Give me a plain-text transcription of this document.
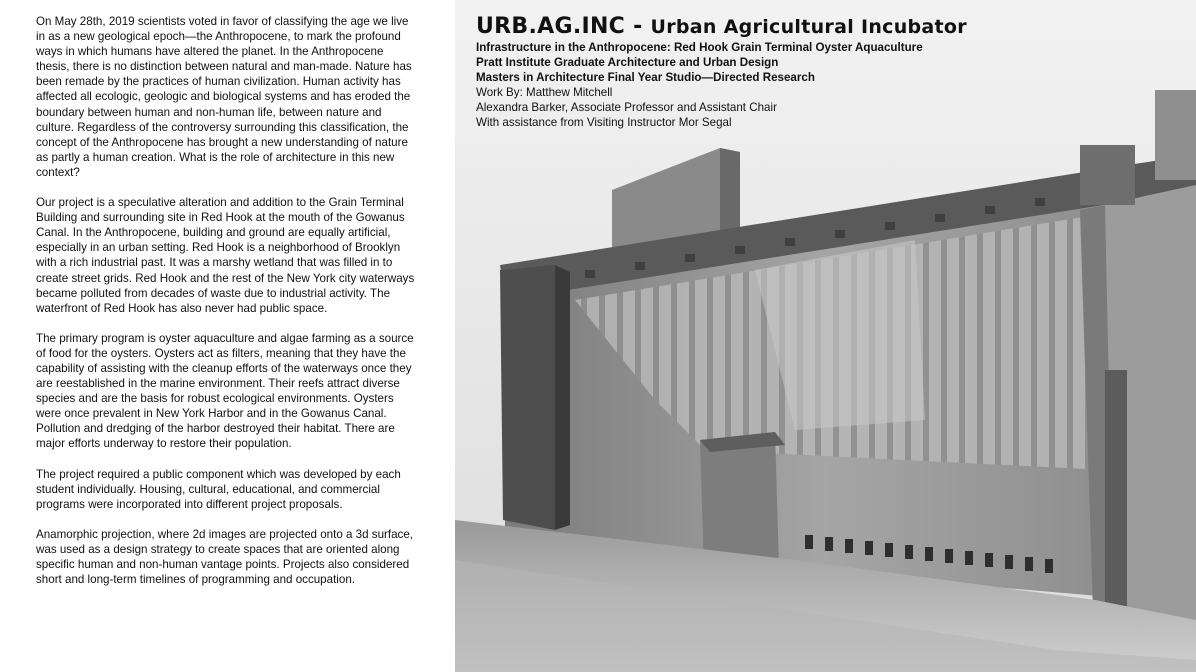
On May 28th, 2019 scientists voted in favor of classifying the age we live in as a new geological epoch—the Anthropocene, to mark the profound ways in which humans have altered the planet. In the Anthropocene thesis, there is no distinction between natural and man-made. Nature has been remade by the practices of human civilization. Human activity has affected all ecologic, geologic and biological systems and has eroded the boundary between human and non-human life, between nature and culture. Regardless of the controversy surrounding this classification, the concept of the Anthropocene has brought a new understanding of nature as partly a human creation. What is the role of architecture in this new context?

Our project is a speculative alteration and addition to the Grain Terminal Building and surrounding site in Red Hook at the mouth of the Gowanus Canal. In the Anthropocene, building and ground are equally artificial, especially in an urban setting. Red Hook is a neighborhood of Brooklyn with a rich industrial past. It was a marshy wetland that was filled in to create street grids. Red Hook and the rest of the New York city waterways became polluted from decades of waste due to industrial activity. The waterfront of Red Hook has also never had public space.

The primary program is oyster aquaculture and algae farming as a source of food for the oysters. Oysters act as filters, meaning that they have the capability of assisting with the cleanup efforts of the waterways once they are reestablished in the marine environment. Their reefs attract diverse species and are the basis for robust ecological environments. Oysters were once prevalent in New York Harbor and in the Gowanus Canal. Pollution and dredging of the harbor destroyed their habitat. There are major efforts underway to restore their population.

The project required a public component which was developed by each student individually. Housing, cultural, educational, and commercial programs were incorporated into different project proposals.

Anamorphic projection, where 2d images are projected onto a 3d surface, was used as a design strategy to create spaces that are oriented along specific human and non-human vantage points. Projects also considered short and long-term timelines of programming and occupation.

URB.AG.INC - Urban Agricultural Incubator
Infrastructure in the Anthropocene: Red Hook Grain Terminal Oyster Aquaculture
Pratt Institute Graduate Architecture and Urban Design
Masters in Architecture Final Year Studio—Directed Research
Work By: Matthew Mitchell
Alexandra Barker, Associate Professor and Assistant Chair
With assistance from Visiting Instructor Mor Segal
